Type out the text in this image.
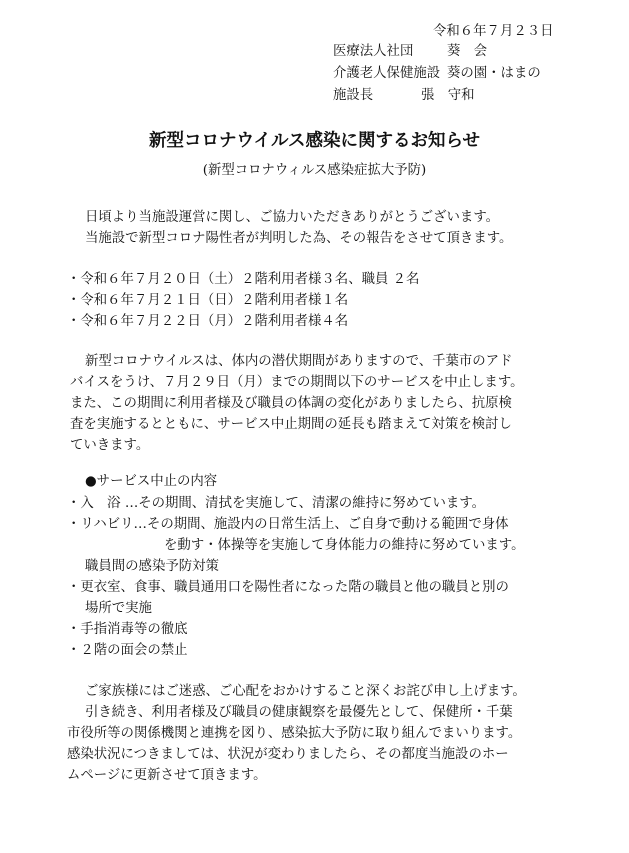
令和６年７月２３日

医療法人社団	葵　会

介護老人保健施設 葵の園・はまの

施設長	張　守和

新型コロナウイルス感染に関するお知らせ

(新型コロナウィルス感染症拡大予防)

日頃より当施設運営に関し、ご協力いただきありがとうございます。

当施設で新型コロナ陽性者が判明した為、その報告をさせて頂きます。

・令和６年７月２０日（土）２階利用者様３名、職員 ２名

・令和６年７月２１日（日）２階利用者様１名

・令和６年７月２２日（月）２階利用者様４名

新型コロナウイルスは、体内の潜伏期間がありますので、千葉市のアド

バイスをうけ、７月２９日（月）までの期間以下のサービスを中止します。

また、この期間に利用者様及び職員の体調の変化がありましたら、抗原検

査を実施するとともに、サービス中止期間の延長も踏まえて対策を検討し

ていきます。

●サービス中止の内容

・入　浴 …その期間、清拭を実施して、清潔の維持に努めています。

・リハビリ…その期間、施設内の日常生活上、ご自身で動ける範囲で身体

を動す・体操等を実施して身体能力の維持に努めています。

職員間の感染予防対策

・更衣室、食事、職員通用口を陽性者になった階の職員と他の職員と別の

場所で実施

・手指消毒等の徹底

・２階の面会の禁止

ご家族様にはご迷惑、ご心配をおかけすること深くお詫び申し上げます。

引き続き、利用者様及び職員の健康観察を最優先として、保健所・千葉

市役所等の関係機関と連携を図り、感染拡大予防に取り組んでまいります。

感染状況につきましては、状況が変わりましたら、その都度当施設のホー

ムページに更新させて頂きます。
